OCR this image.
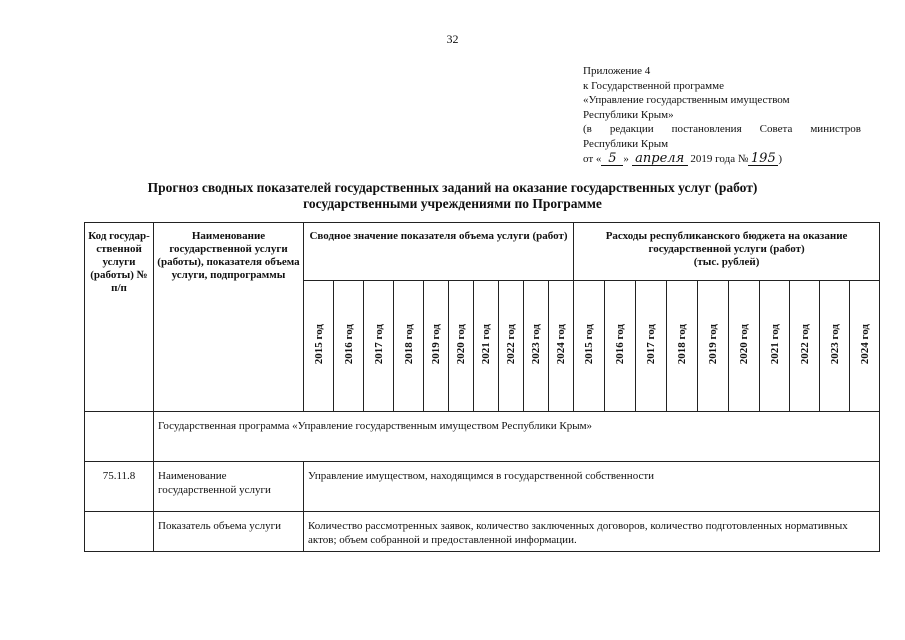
32
Приложение 4
к Государственной программе
«Управление государственным имуществом
Республики Крым»
(в редакции постановления Совета министров
Республики Крым
от « 5 » апреля 2019 года № 195 )
Прогноз сводных показателей государственных заданий на оказание государственных услуг (работ)
государственными учреждениями по Программе
Код государ-ственной услуги (работы) № п/п	Наименование государственной услуги (работы), показателя объема услуги, подпрограммы	Сводное значение показателя объема услуги (работ)										Расходы республиканского бюджета на оказание государственной услуги (работ)
(тыс. рублей)									

		2015 год	2016 год	2017 год	2018 год	2019 год	2020 год	2021 год	2022 год	2023 год	2024 год	2015 год	2016 год	2017 год	2018 год	2019 год	2020 год	2021 год	2022 год	2023 год	2024 год
	Государственная программа «Управление государственным имуществом Республики Крым»																				
75.11.8	Наименование государственной услуги	Управление имуществом, находящимся в государственной собственности																			
	Показатель объема услуги	Количество рассмотренных заявок, количество заключенных договоров, количество подготовленных нормативных актов; объем собранной и предоставленной информации.																			
